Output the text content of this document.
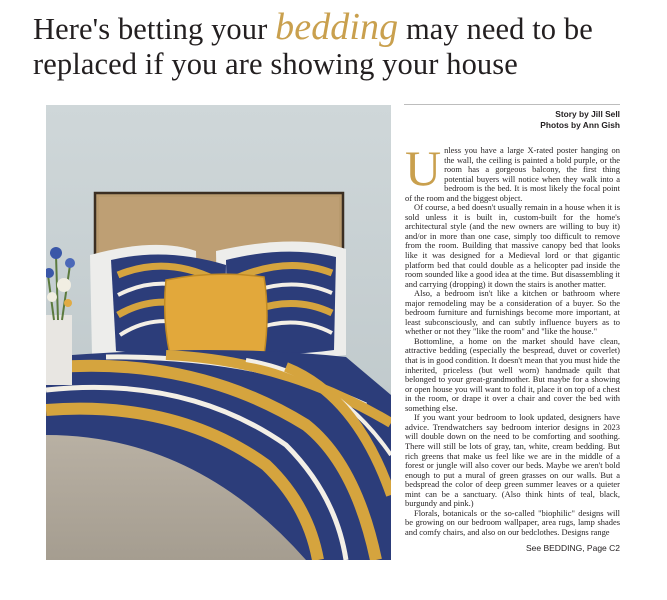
Here's betting your bedding may need to be replaced if you are showing your house
Story by Jill Sell
Photos by Ann Gish

Unless you have a large X-rated poster hanging on the wall, the ceiling is painted a bold purple, or the room has a gorgeous balcony, the first thing potential buyers will notice when they walk into a bedroom is the bed. It is most likely the focal point of the room and the biggest object.

Of course, a bed doesn't usually remain in a house when it is sold unless it is built in, custom-built for the home's architectural style (and the new owners are willing to buy it) and/or in more than one case, simply too difficult to remove from the room. Building that massive canopy bed that looks like it was designed for a Medieval lord or that gigantic platform bed that could double as a helicopter pad inside the room sounded like a good idea at the time. But disassembling it and carrying (dropping) it down the stairs is another matter.

Also, a bedroom isn't like a kitchen or bathroom where major remodeling may be a consideration of a buyer. So the bedroom furniture and furnishings become more important, at least subconsciously, and can subtly influence buyers as to whether or not they "like the room" and "like the house."

Bottomline, a home on the market should have clean, attractive bedding (especially the bespread, duvet or coverlet) that is in good condition. It doesn't mean that you must hide the inherited, priceless (but well worn) handmade quilt that belonged to your great-grandmother. But maybe for a showing or open house you will want to fold it, place it on top of a chest in the room, or drape it over a chair and cover the bed with something else.

If you want your bedroom to look updated, designers have advice. Trendwatchers say bedroom interior designs in 2023 will double down on the need to be comforting and soothing. There will still be lots of gray, tan, white, cream bedding. But rich greens that make us feel like we are in the middle of a forest or jungle will also cover our beds. Maybe we aren't bold enough to put a mural of green grasses on our walls. But a bedspread the color of deep green summer leaves or a quieter mint can be a sanctuary. (Also think hints of teal, black, burgundy and pink.)

Florals, botanicals or the so-called "biophilic" designs will be growing on our bedroom wallpaper, area rugs, lamp shades and comfy chairs, and also on our bedclothes. Designs range

See BEDDING, Page C2
